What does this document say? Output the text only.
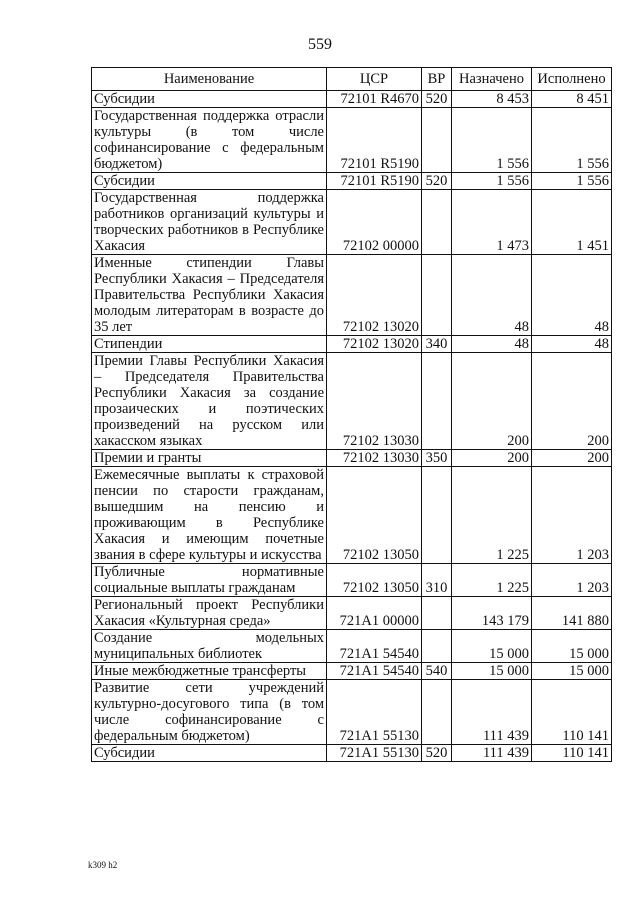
559
Наименование	ЦСР	ВР	Назначено	Исполнено
Субсидии	72101 R4670	520	8 453	8 451
Государственная поддержка отрасли культуры (в том числе софинансирование с федеральным бюджетом)	72101 R5190		1 556	1 556
Субсидии	72101 R5190	520	1 556	1 556
Государственная поддержка работников организаций культуры и творческих работников в Республике Хакасия	72102 00000		1 473	1 451
Именные стипендии Главы Республики Хакасия – Председателя Правительства Республики Хакасия молодым литераторам в возрасте до 35 лет	72102 13020		48	48
Стипендии	72102 13020	340	48	48
Премии Главы Республики Хакасия – Председателя Правительства Республики Хакасия за создание прозаических и поэтических произведений на русском или хакасском языках	72102 13030		200	200
Премии и гранты	72102 13030	350	200	200
Ежемесячные выплаты к страховой пенсии по старости гражданам, вышедшим на пенсию и проживающим в Республике Хакасия и имеющим почетные звания в сфере культуры и искусства	72102 13050		1 225	1 203
Публичные нормативные социальные выплаты гражданам	72102 13050	310	1 225	1 203
Региональный проект Республики Хакасия «Культурная среда»	721А1 00000		143 179	141 880
Создание модельных муниципальных библиотек	721А1 54540		15 000	15 000
Иные межбюджетные трансферты	721А1 54540	540	15 000	15 000
Развитие сети учреждений культурно-досугового типа (в том числе софинансирование с федеральным бюджетом)	721А1 55130		111 439	110 141
Субсидии	721А1 55130	520	111 439	110 141
k309 h2
